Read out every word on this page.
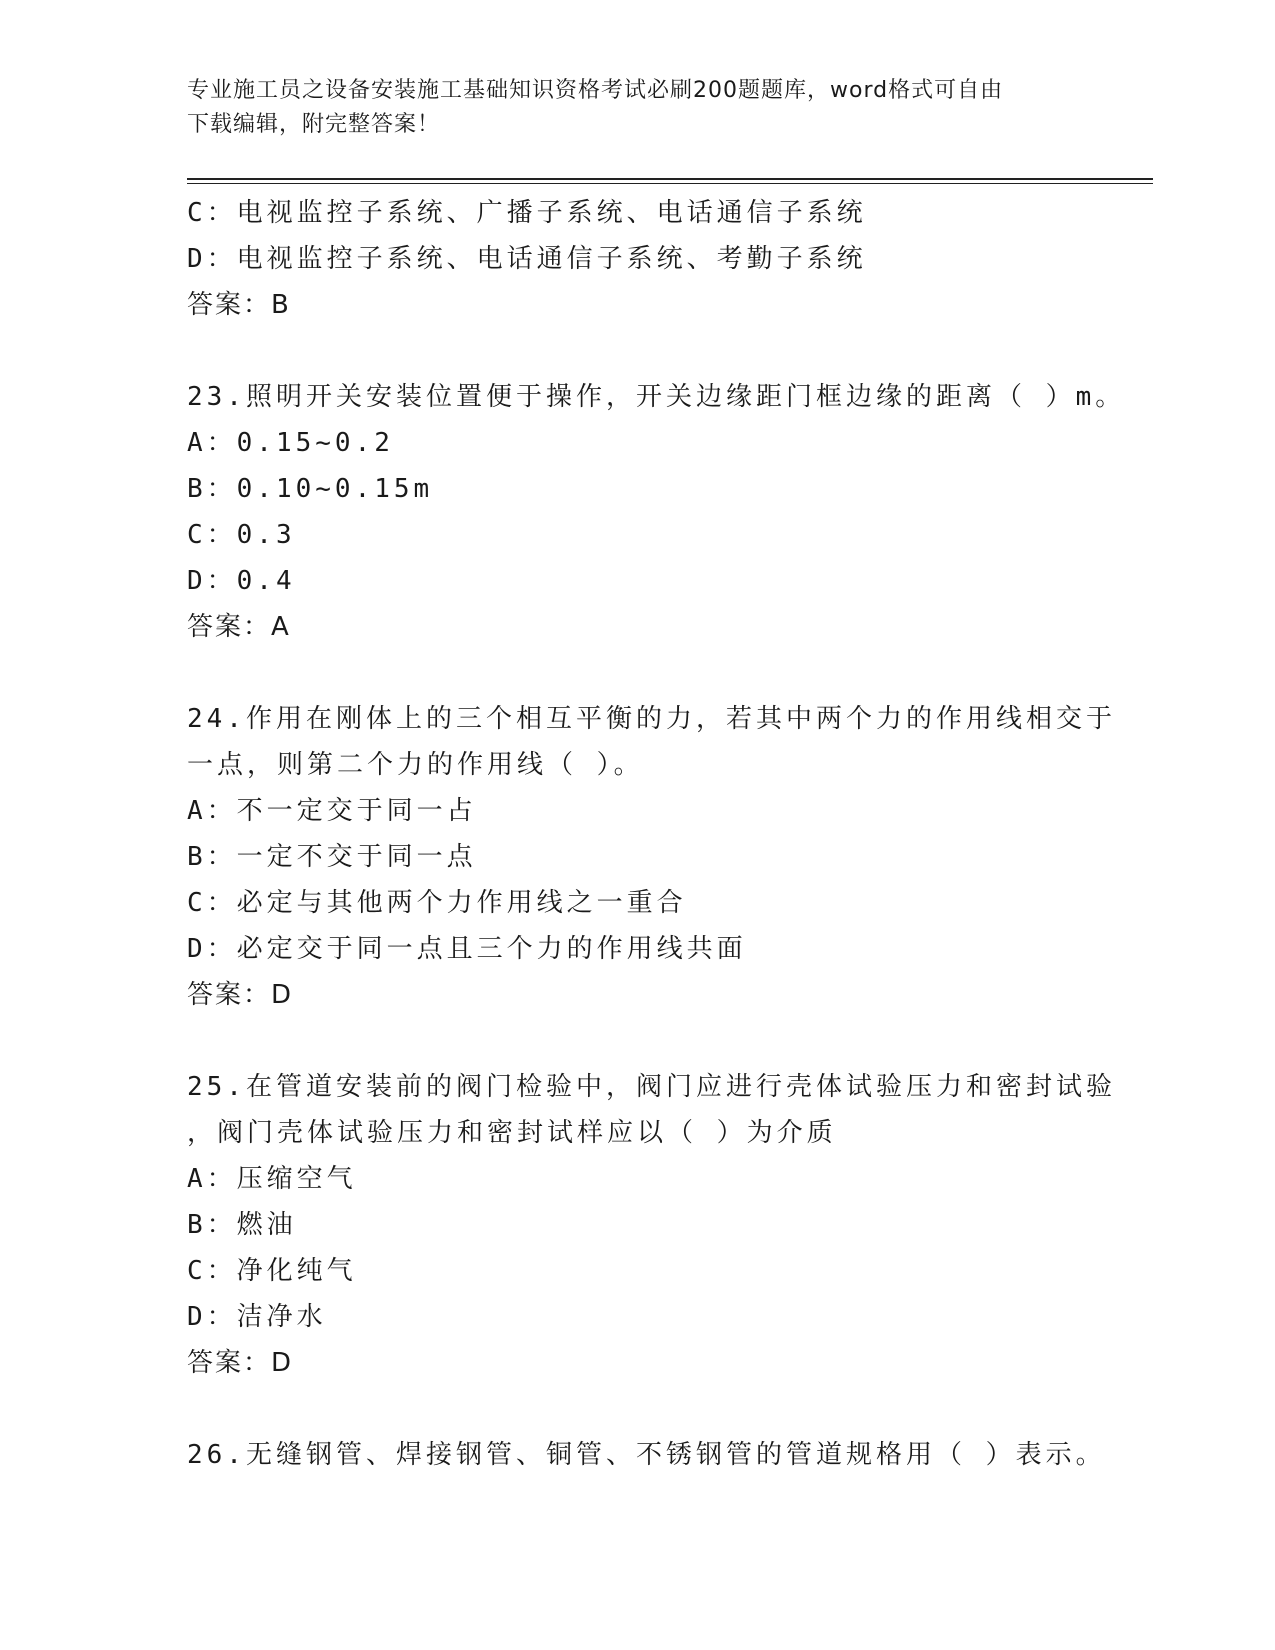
专业施工员之设备安装施工基础知识资格考试必刷200题题库，word格式可自由
下载编辑，附完整答案！

C：电视监控子系统、广播子系统、电话通信子系统

D：电视监控子系统、电话通信子系统、考勤子系统

答案：B

23.照明开关安装位置便于操作，开关边缘距门框边缘的距离（ ）m。

A：0.15~0.2

B：0.10~0.15m

C：0.3

D：0.4

答案：A

24.作用在刚体上的三个相互平衡的力，若其中两个力的作用线相交于

一点，则第二个力的作用线（ ）。

A：不一定交于同一占

B：一定不交于同一点

C：必定与其他两个力作用线之一重合

D：必定交于同一点且三个力的作用线共面

答案：D

25.在管道安装前的阀门检验中，阀门应进行壳体试验压力和密封试验

，阀门壳体试验压力和密封试样应以（ ）为介质

A：压缩空气

B：燃油

C：净化纯气

D：洁净水

答案：D

26.无缝钢管、焊接钢管、铜管、不锈钢管的管道规格用（ ）表示。
